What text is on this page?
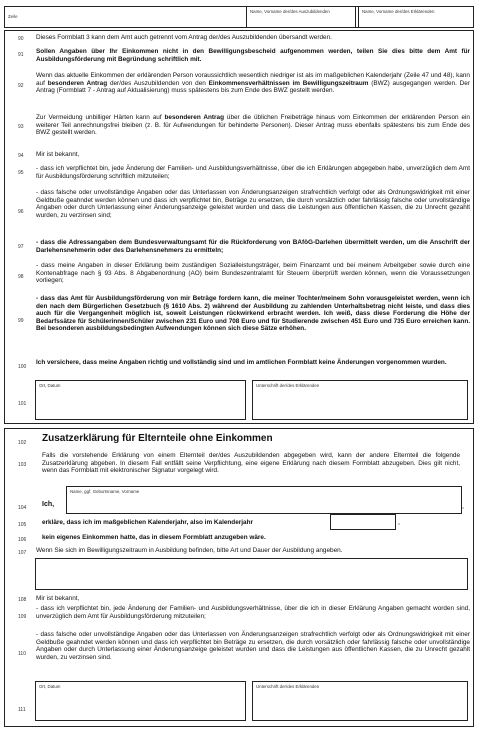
Zeile
Name, Vorname der/des Auszubildenden	Name, Vorname der/des Erklärenden
90 Dieses Formblatt 3 kann dem Amt auch getrennt vom Antrag der/des Auszubildenden übersandt werden.
91 Sollen Angaben über Ihr Einkommen nicht in den Bewilligungsbescheid aufgenommen werden, teilen Sie dies bitte dem Amt für Ausbildungsförderung mit Begründung schriftlich mit.
92
Wenn das aktuelle Einkommen der erklärenden Person voraussichtlich wesentlich niedriger ist als im maßgeblichen Kalenderjahr (Zeile 47 und 48), kann auf besonderen Antrag der/des Auszubildenden von den Einkommensverhältnissen im Bewilligungszeitraum (BWZ) ausgegangen werden. Der Antrag (Formblatt 7 - Antrag auf Aktualisierung) muss spätestens bis zum Ende des BWZ gestellt werden.
93
Zur Vermeidung unbilliger Härten kann auf besonderen Antrag über die üblichen Freibeträge hinaus vom Einkommen der erklärenden Person ein weiterer Teil anrechnungsfrei bleiben (z. B. für Aufwendungen für behinderte Personen). Dieser Antrag muss ebenfalls spätestens bis zum Ende des BWZ gestellt werden.
94 Mir ist bekannt,
95
- dass ich verpflichtet bin, jede Änderung der Familien- und Ausbildungsverhältnisse, über die ich Erklärungen abgegeben habe, unverzüglich dem Amt für Ausbildungsförderung schriftlich mitzuteilen;
96
- dass falsche oder unvollständige Angaben oder das Unterlassen von Änderungsanzeigen strafrechtlich verfolgt oder als Ordnungswidrigkeit mit einer Geldbuße geahndet werden können und dass ich verpflichtet bin, Beträge zu ersetzen, die durch vorsätzlich oder fahrlässig falsche oder unvollständige Angaben oder durch Unterlassung einer Änderungsanzeige geleistet wurden und dass die Leistungen aus öffentlichen Kassen, die zu Unrecht gezahlt wurden, zu verzinsen sind;
97
- dass die Adressangaben dem Bundesverwaltungsamt für die Rückforderung von BAföG-Darlehen übermittelt werden, um die Anschrift der Darlehensnehmerin oder des Darlehensnehmers zu ermitteln;
98
- dass meine Angaben in dieser Erklärung beim zuständigen Sozialleistungsträger, beim Finanzamt und bei meinem Arbeitgeber sowie durch eine Kontenabfrage nach § 93 Abs. 8 Abgabenordnung (AO) beim Bundeszentralamt für Steuern überprüft werden können, wenn die Voraussetzungen vorliegen;
99
- dass das Amt für Ausbildungsförderung von mir Beträge fordern kann, die meiner Tochter/meinem Sohn vorausgeleistet werden, wenn ich den nach dem Bürgerlichen Gesetzbuch (§ 1610 Abs. 2) während der Ausbildung zu zahlenden Unterhaltsbetrag nicht leiste, und dass dies auch für die Vergangenheit möglich ist, soweit Leistungen rückwirkend erbracht werden. Ich weiß, dass diese Forderung die Höhe der Bedarfssätze für Schülerinnen/Schüler zwischen 231 Euro und 708 Euro und für Studierende zwischen 451 Euro und 735 Euro erreichen kann. Bei besonderen ausbildungsbedingten Aufwendungen können sich diese Sätze erhöhen.
100
Ich versichere, dass meine Angaben richtig und vollständig sind und im amtlichen Formblatt keine Änderungen vorgenommen wurden.
101
Ort, Datum	Unterschrift der/des Erklärenden
102 Zusatzerklärung für Elternteile ohne Einkommen
103
Falls die vorstehende Erklärung von einem Elternteil der/des Auszubildenden abgegeben wird, kann der andere Elternteil die folgende Zusatzerklärung abgeben. In diesem Fall entfällt seine Verpflichtung, eine eigene Erklärung nach diesem Formblatt abzugeben. Dies gilt nicht, wenn das Formblatt mit elektronischer Signatur vorgelegt wird.
104 Ich,
Name, ggf. Geburtsname, Vorname
,
105 erkläre, dass ich im maßgeblichen Kalenderjahr, also im Kalenderjahr	,
106 kein eigenes Einkommen hatte, das in diesem Formblatt anzugeben wäre.
107 Wenn Sie sich im Bewilligungszeitraum in Ausbildung befinden, bitte Art und Dauer der Ausbildung angeben.
108 Mir ist bekannt,
109
- dass ich verpflichtet bin, jede Änderung der Familien- und Ausbildungsverhältnisse, über die ich in dieser Erklärung Angaben gemacht worden sind, unverzüglich dem Amt für Ausbildungsförderung mitzuteilen;
110
- dass falsche oder unvollständige Angaben oder das Unterlassen von Änderungsanzeigen strafrechtlich verfolgt oder als Ordnungswidrigkeit mit einer Geldbuße geahndet werden können und dass ich verpflichtet bin Beträge zu ersetzen, die durch vorsätzlich oder fahrlässig falsche oder unvollständige Angaben oder durch Unterlassung einer Änderungsanzeige geleistet wurden und dass die Leistungen aus öffentlichen Kassen, die zu Unrecht gezahlt wurden, zu verzinsen sind.
111
Ort, Datum	Unterschrift der/des Erklärenden
